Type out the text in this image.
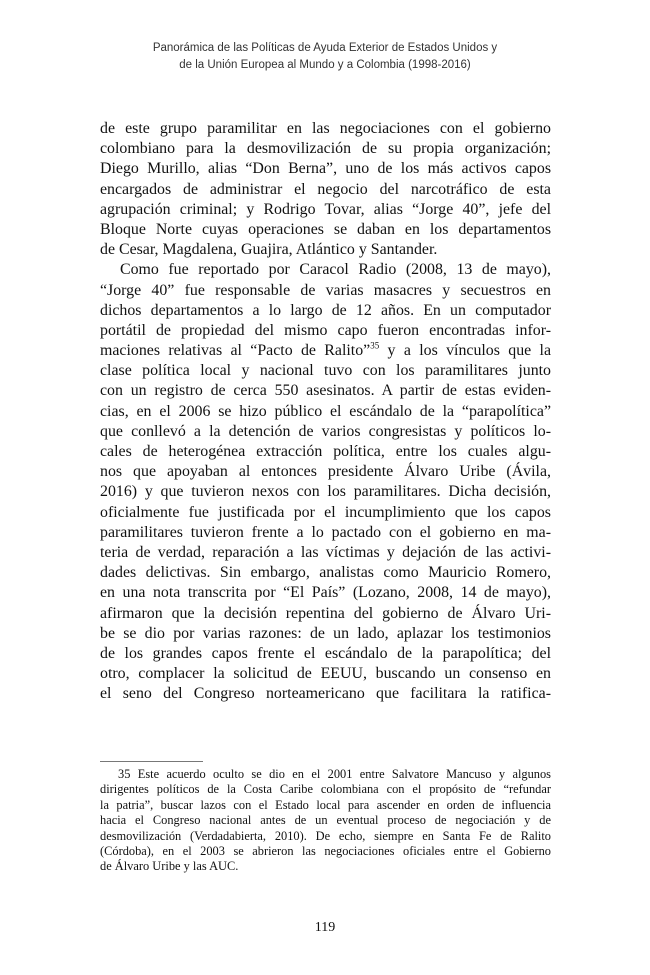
Panorámica de las Políticas de Ayuda Exterior de Estados Unidos y
de la Unión Europea al Mundo y a Colombia (1998-2016)
de este grupo paramilitar en las negociaciones con el gobierno
colombiano para la desmovilización de su propia organización;
Diego Murillo, alias “Don Berna”, uno de los más activos capos
encargados de administrar el negocio del narcotráfico de esta
agrupación criminal; y Rodrigo Tovar, alias “Jorge 40”, jefe del
Bloque Norte cuyas operaciones se daban en los departamentos
de Cesar, Magdalena, Guajira, Atlántico y Santander.
Como fue reportado por Caracol Radio (2008, 13 de mayo),
“Jorge 40” fue responsable de varias masacres y secuestros en
dichos departamentos a lo largo de 12 años. En un computador
portátil de propiedad del mismo capo fueron encontradas infor-
maciones relativas al “Pacto de Ralito”$^{35}$ y a los vínculos que la
clase política local y nacional tuvo con los paramilitares junto
con un registro de cerca 550 asesinatos. A partir de estas eviden-
cias, en el 2006 se hizo público el escándalo de la “parapolítica”
que conllevó a la detención de varios congresistas y políticos lo-
cales de heterogénea extracción política, entre los cuales algu-
nos que apoyaban al entonces presidente Álvaro Uribe (Ávila,
2016) y que tuvieron nexos con los paramilitares. Dicha decisión,
oficialmente fue justificada por el incumplimiento que los capos
paramilitares tuvieron frente a lo pactado con el gobierno en ma-
teria de verdad, reparación a las víctimas y dejación de las activi-
dades delictivas. Sin embargo, analistas como Mauricio Romero,
en una nota transcrita por “El País” (Lozano, 2008, 14 de mayo),
afirmaron que la decisión repentina del gobierno de Álvaro Uri-
be se dio por varias razones: de un lado, aplazar los testimonios
de los grandes capos frente el escándalo de la parapolítica; del
otro, complacer la solicitud de EEUU, buscando un consenso en
el seno del Congreso norteamericano que facilitara la ratifica-
35 Este acuerdo oculto se dio en el 2001 entre Salvatore Mancuso y algunos
dirigentes políticos de la Costa Caribe colombiana con el propósito de “refundar
la patria”, buscar lazos con el Estado local para ascender en orden de influencia
hacia el Congreso nacional antes de un eventual proceso de negociación y de
desmovilización (Verdadabierta, 2010). De echo, siempre en Santa Fe de Ralito
(Córdoba), en el 2003 se abrieron las negociaciones oficiales entre el Gobierno
de Álvaro Uribe y las AUC.
119
